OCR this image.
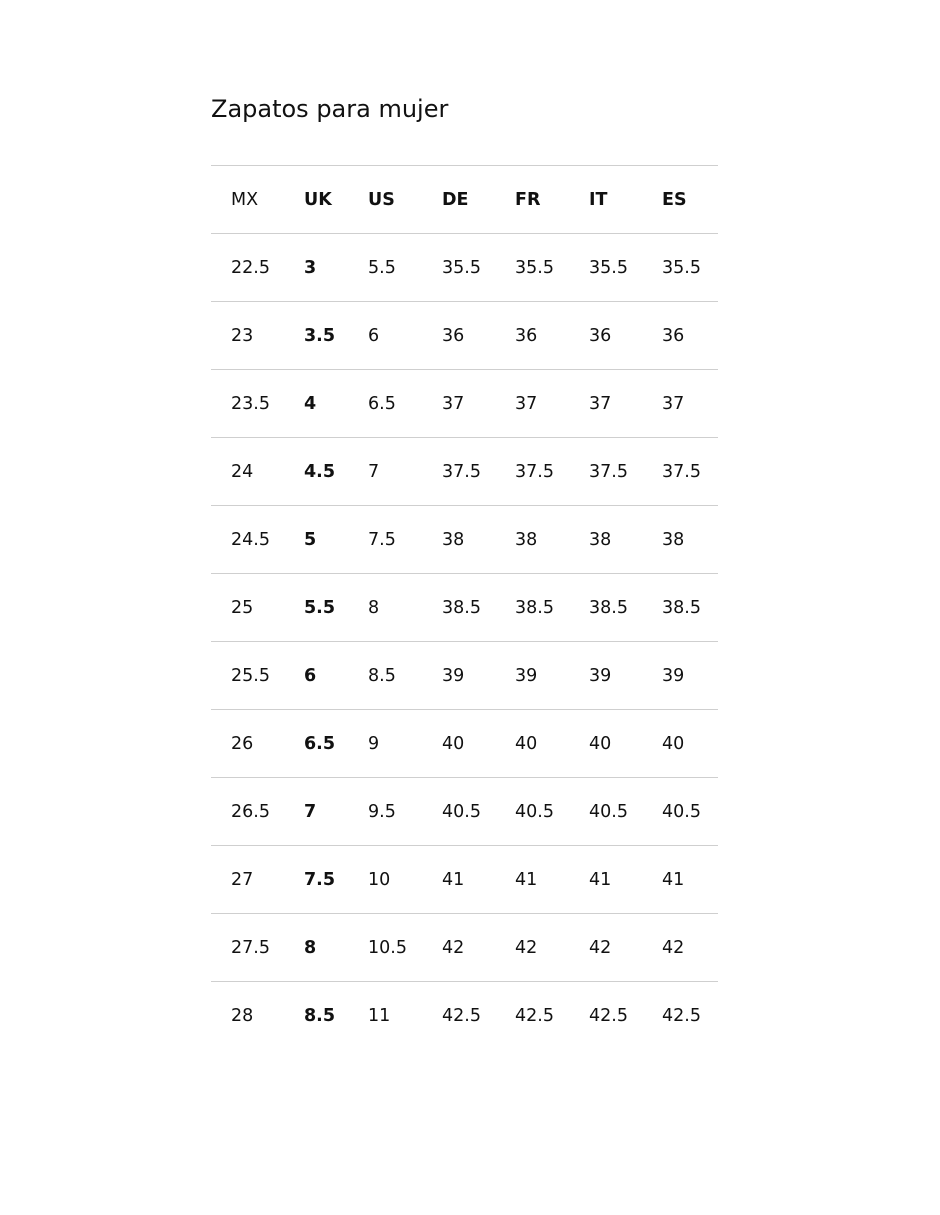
Zapatos para mujer
MX	UK	US	DE	FR	IT	ES
22.5	3	5.5	35.5	35.5	35.5	35.5
23	3.5	6	36	36	36	36
23.5	4	6.5	37	37	37	37
24	4.5	7	37.5	37.5	37.5	37.5
24.5	5	7.5	38	38	38	38
25	5.5	8	38.5	38.5	38.5	38.5
25.5	6	8.5	39	39	39	39
26	6.5	9	40	40	40	40
26.5	7	9.5	40.5	40.5	40.5	40.5
27	7.5	10	41	41	41	41
27.5	8	10.5	42	42	42	42
28	8.5	11	42.5	42.5	42.5	42.5
